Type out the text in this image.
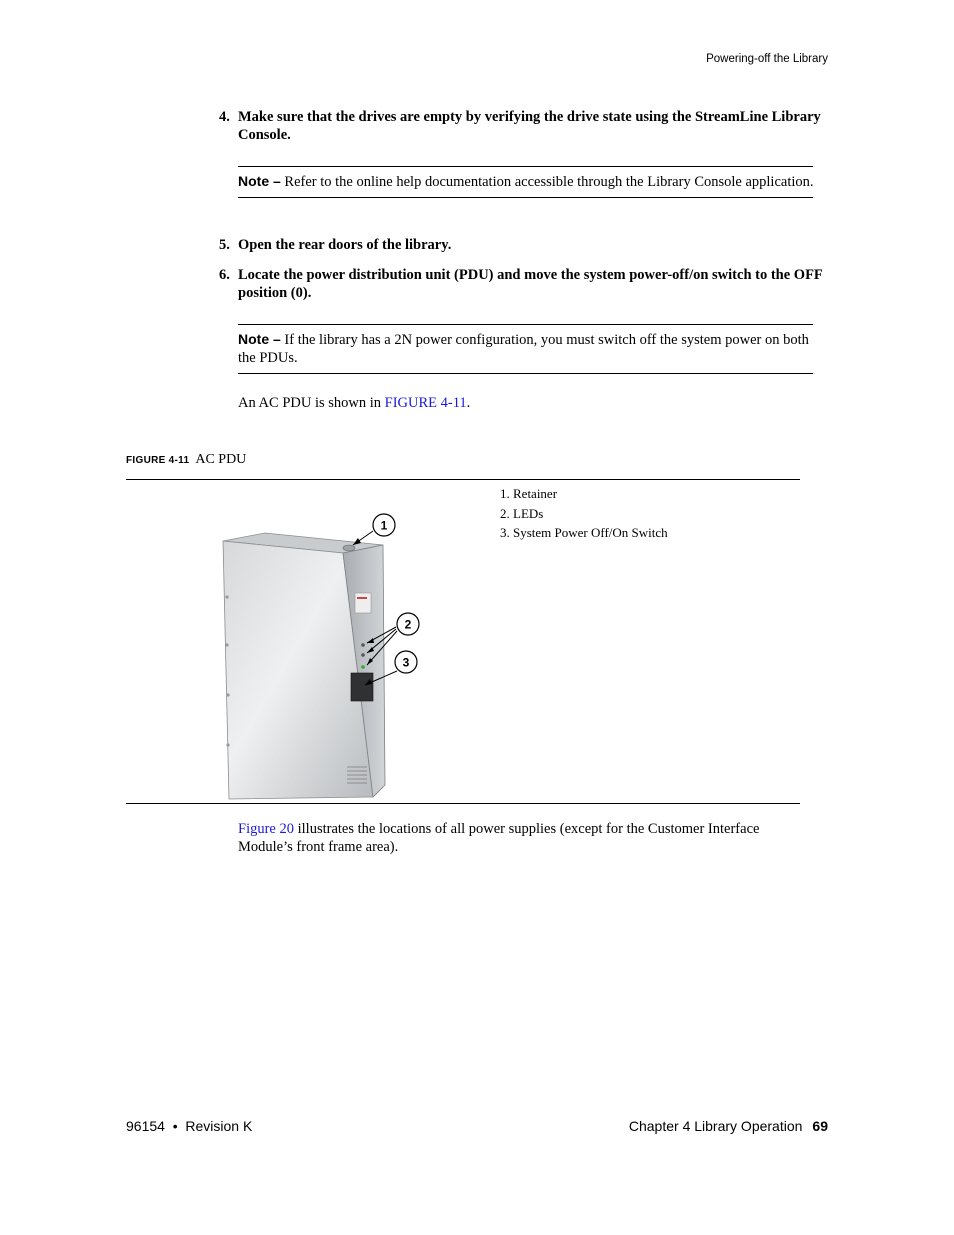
Powering-off the Library
4. Make sure that the drives are empty by verifying the drive state using the StreamLine Library Console.

Note – Refer to the online help documentation accessible through the Library Console application.

5. Open the rear doors of the library.
6. Locate the power distribution unit (PDU) and move the system power-off/on switch to the OFF position (0).

Note – If the library has a 2N power configuration, you must switch off the system power on both the PDUs.

An AC PDU is shown in FIGURE 4-11.
FIGURE 4-11 AC PDU
1
2
3
1. Retainer
2. LEDs
3. System Power Off/On Switch
Figure 20 illustrates the locations of all power supplies (except for the Customer Interface Module’s front frame area).
96154  •  Revision K	Chapter 4 Library Operation 69
